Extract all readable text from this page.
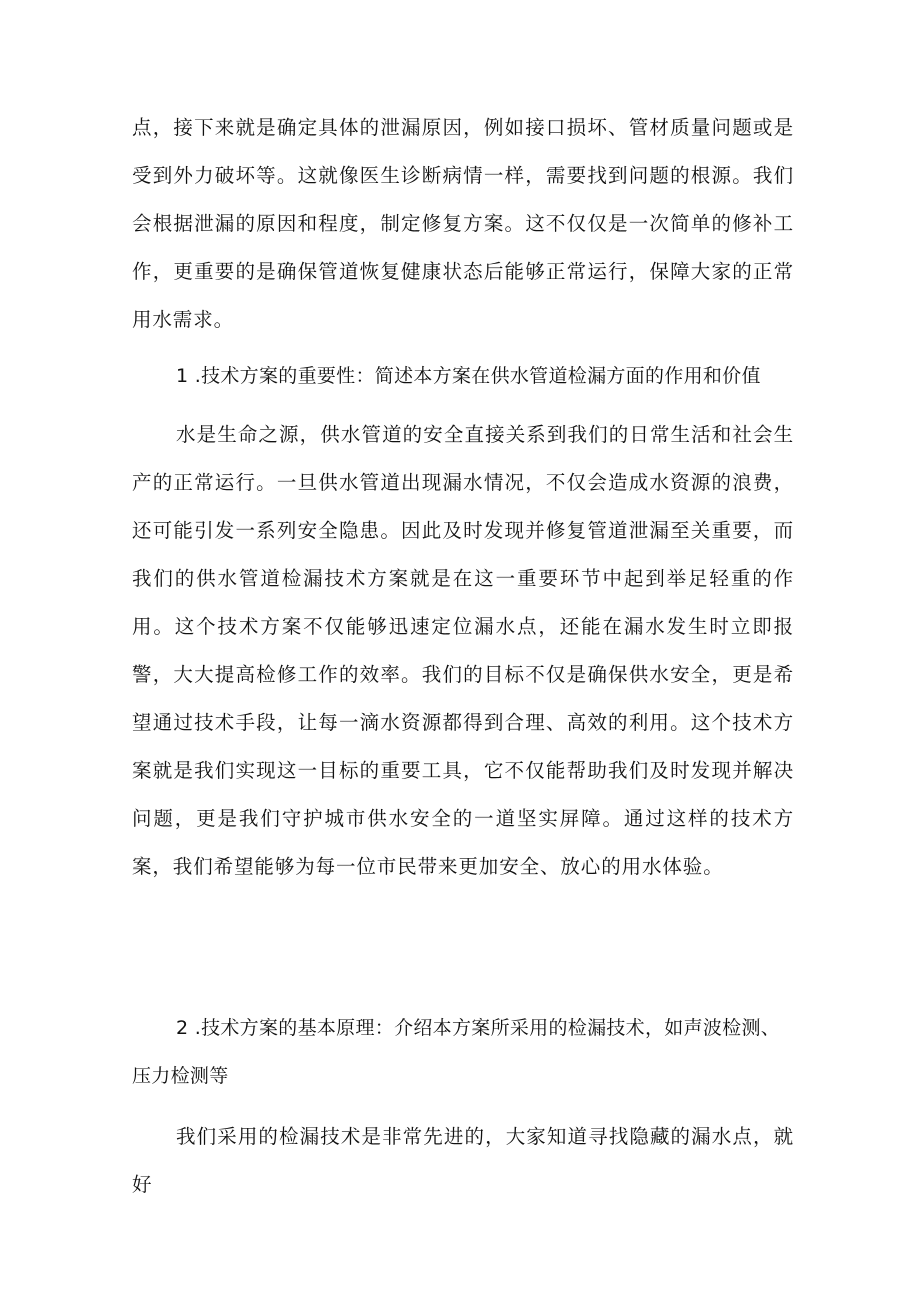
点，接下来就是确定具体的泄漏原因，例如接口损坏、管材质量问题或是受到外力破坏等。这就像医生诊断病情一样，需要找到问题的根源。我们会根据泄漏的原因和程度，制定修复方案。这不仅仅是一次简单的修补工作，更重要的是确保管道恢复健康状态后能够正常运行，保障大家的正常用水需求。

1 .技术方案的重要性：简述本方案在供水管道检漏方面的作用和价值

水是生命之源，供水管道的安全直接关系到我们的日常生活和社会生产的正常运行。一旦供水管道出现漏水情况，不仅会造成水资源的浪费，还可能引发一系列安全隐患。因此及时发现并修复管道泄漏至关重要，而我们的供水管道检漏技术方案就是在这一重要环节中起到举足轻重的作用。这个技术方案不仅能够迅速定位漏水点，还能在漏水发生时立即报警，大大提高检修工作的效率。我们的目标不仅是确保供水安全，更是希望通过技术手段，让每一滴水资源都得到合理、高效的利用。这个技术方案就是我们实现这一目标的重要工具，它不仅能帮助我们及时发现并解决问题，更是我们守护城市供水安全的一道坚实屏障。通过这样的技术方案，我们希望能够为每一位市民带来更加安全、放心的用水体验。

2 .技术方案的基本原理：介绍本方案所采用的检漏技术，如声波检测、压力检测等

我们采用的检漏技术是非常先进的，大家知道寻找隐藏的漏水点，就好
